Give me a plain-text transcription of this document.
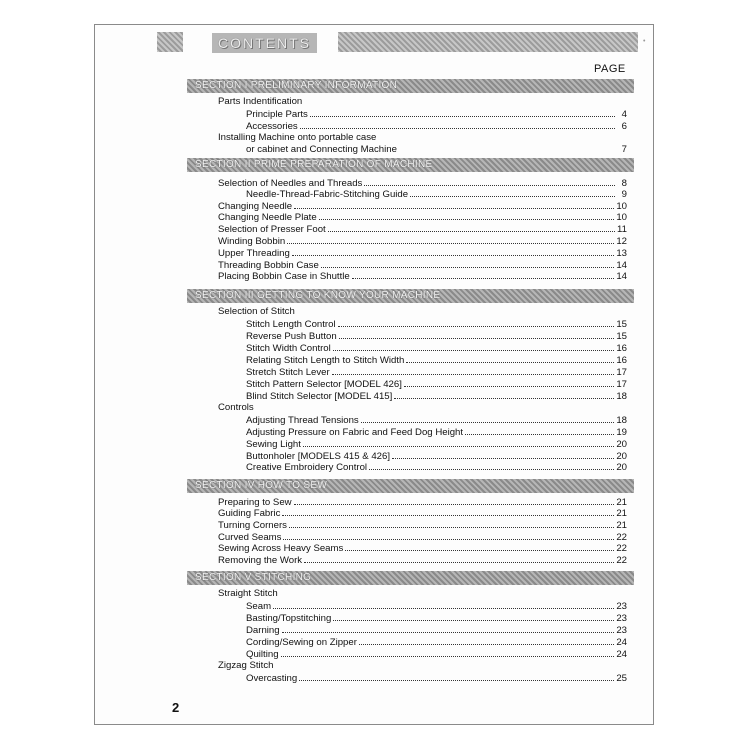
CONTENTS	•
PAGE
SECTION I PRELIMINARY INFORMATION
Parts Indentification
Principle Parts	4
Accessories	6
Installing Machine onto portable case
or cabinet and Connecting Machine	7
SECTION II PRIME PREPARATION OF MACHINE
Selection of Needles and Threads	8
Needle-Thread-Fabric-Stitching Guide	9
Changing Needle	10
Changing Needle Plate	10
Selection of Presser Foot	11
Winding Bobbin	12
Upper Threading	13
Threading Bobbin Case	14
Placing Bobbin Case in Shuttle	14
SECTION III GETTING TO KNOW YOUR MACHINE
Selection of Stitch
Stitch Length Control	15
Reverse Push Button	15
Stitch Width Control	16
Relating Stitch Length to Stitch Width	16
Stretch Stitch Lever	17
Stitch Pattern Selector [MODEL 426]	17
Blind Stitch Selector [MODEL 415]	18
Controls
Adjusting Thread Tensions	18
Adjusting Pressure on Fabric and Feed Dog Height	19
Sewing Light	20
Buttonholer [MODELS 415 & 426]	20
Creative Embroidery Control	20
SECTION IV HOW TO SEW
Preparing to Sew	21
Guiding Fabric	21
Turning Corners	21
Curved Seams	22
Sewing Across Heavy Seams	22
Removing the Work	22
SECTION V STITCHING
Straight Stitch
Seam	23
Basting/Topstitching	23
Darning	23
Cording/Sewing on Zipper	24
Quilting	24
Zigzag Stitch
Overcasting	25
2
